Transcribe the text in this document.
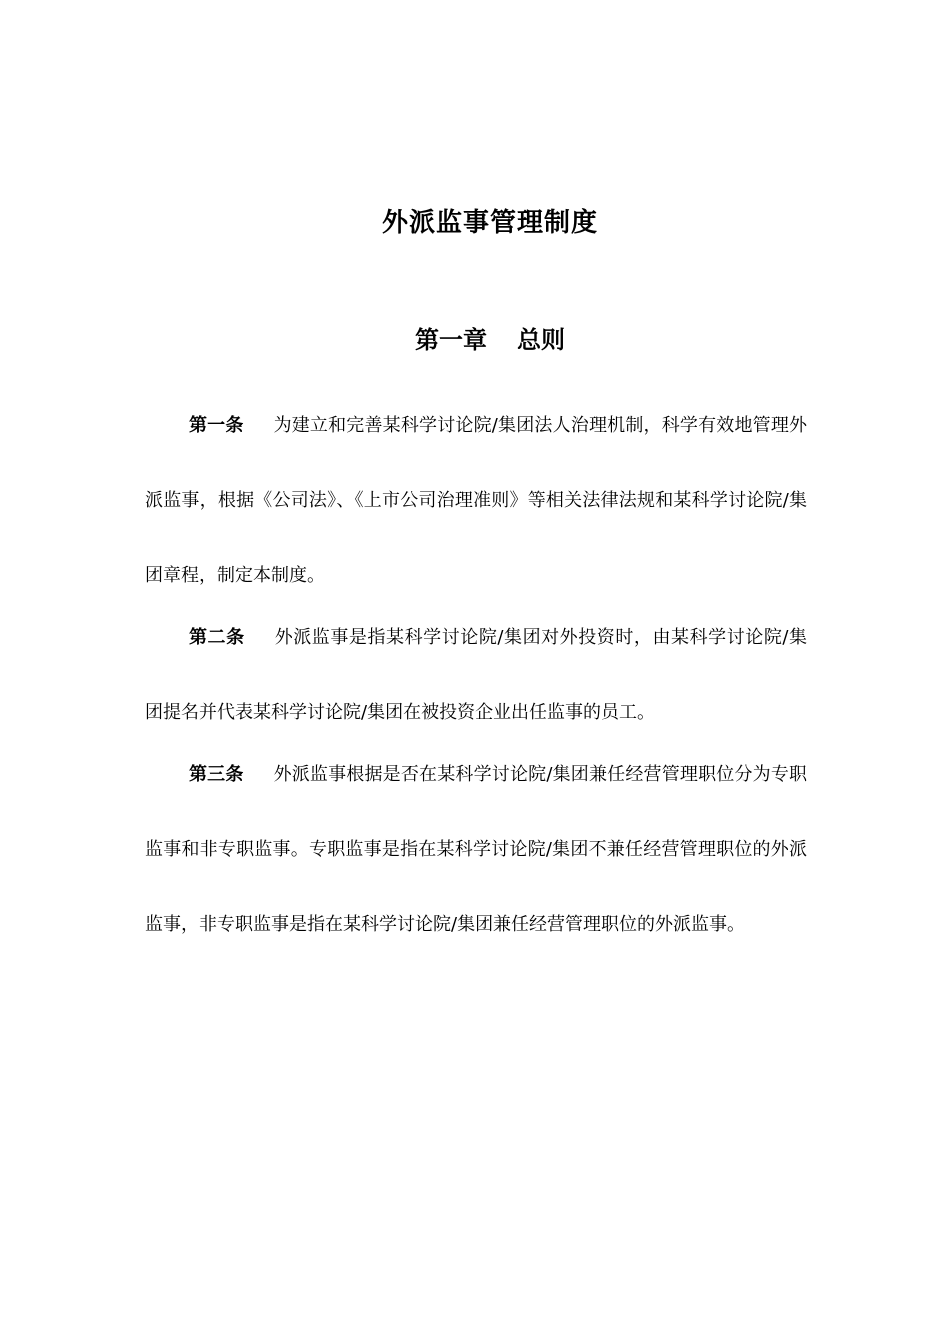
外派监事管理制度
第一章 总则

第一条 为建立和完善某科学讨论院/集团法人治理机制，科学有效地管理外派监事，根据《公司法》、《上市公司治理准则》等相关法律法规和某科学讨论院/集团章程，制定本制度。

第二条 外派监事是指某科学讨论院/集团对外投资时，由某科学讨论院/集团提名并代表某科学讨论院/集团在被投资企业出任监事的员工。

第三条 外派监事根据是否在某科学讨论院/集团兼任经营管理职位分为专职监事和非专职监事。专职监事是指在某科学讨论院/集团不兼任经营管理职位的外派监事，非专职监事是指在某科学讨论院/集团兼任经营管理职位的外派监事。
